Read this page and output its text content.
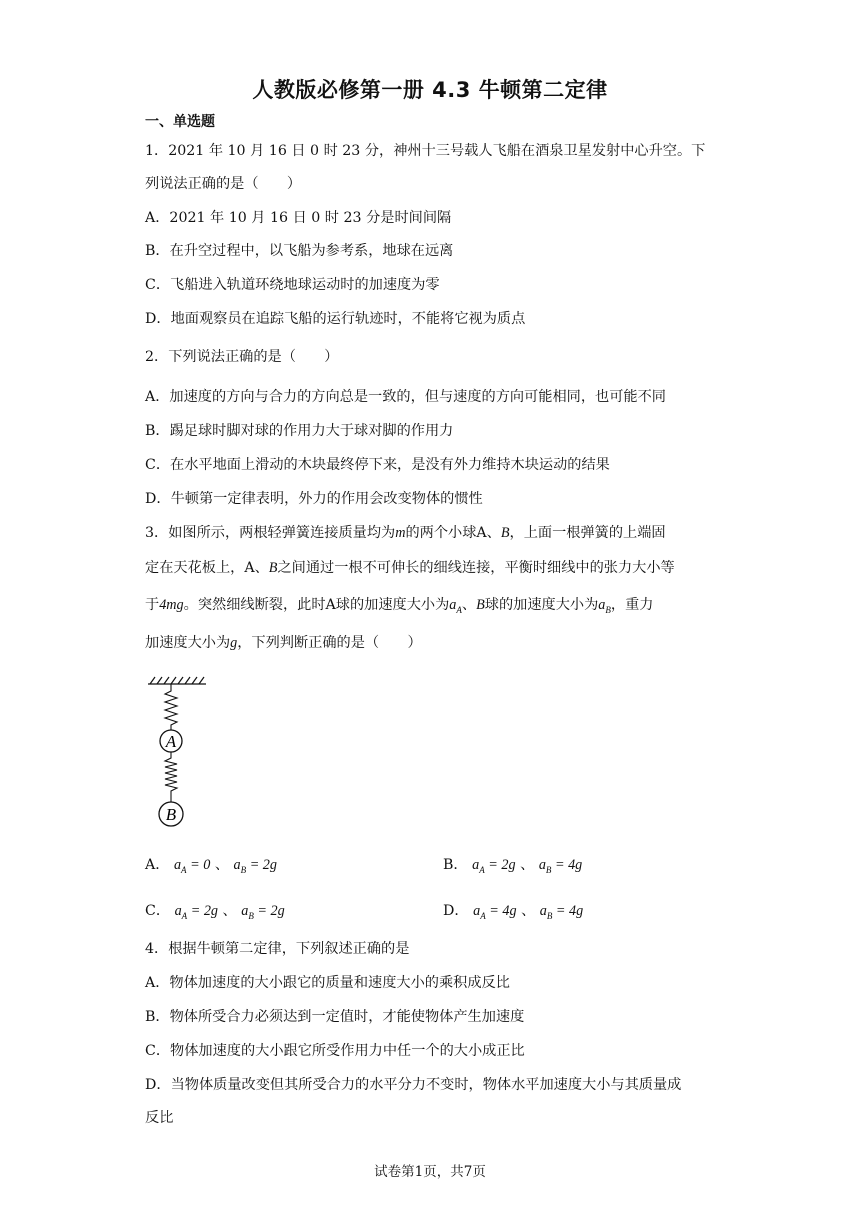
人教版必修第一册 4.3 牛顿第二定律
一、单选题
1．2021 年 10 月 16 日 0 时 23 分，神州十三号载人飞船在酒泉卫星发射中心升空。下
列说法正确的是（　　）
A．2021 年 10 月 16 日 0 时 23 分是时间间隔
B．在升空过程中，以飞船为参考系，地球在远离
C．飞船进入轨道环绕地球运动时的加速度为零
D．地面观察员在追踪飞船的运行轨迹时，不能将它视为质点
2．下列说法正确的是（　　）
A．加速度的方向与合力的方向总是一致的，但与速度的方向可能相同，也可能不同
B．踢足球时脚对球的作用力大于球对脚的作用力
C．在水平地面上滑动的木块最终停下来，是没有外力维持木块运动的结果
D．牛顿第一定律表明，外力的作用会改变物体的惯性
3．如图所示，两根轻弹簧连接质量均为m的两个小球A、B，上面一根弹簧的上端固
定在天花板上，A、B之间通过一根不可伸长的细线连接，平衡时细线中的张力大小等
于4mg。突然细线断裂，此时A球的加速度大小为$a_A$、B球的加速度大小为$a_B$，重力
加速度大小为g，下列判断正确的是（　　）
A
B
A． $a_A = 0$ 、 $a_B = 2g$	B． $a_A = 2g$ 、 $a_B = 4g$
C． $a_A = 2g$ 、 $a_B = 2g$	D． $a_A = 4g$ 、 $a_B = 4g$
4．根据牛顿第二定律，下列叙述正确的是
A．物体加速度的大小跟它的质量和速度大小的乘积成反比
B．物体所受合力必须达到一定值时，才能使物体产生加速度
C．物体加速度的大小跟它所受作用力中任一个的大小成正比
D．当物体质量改变但其所受合力的水平分力不变时，物体水平加速度大小与其质量成
反比
试卷第1页，共7页
